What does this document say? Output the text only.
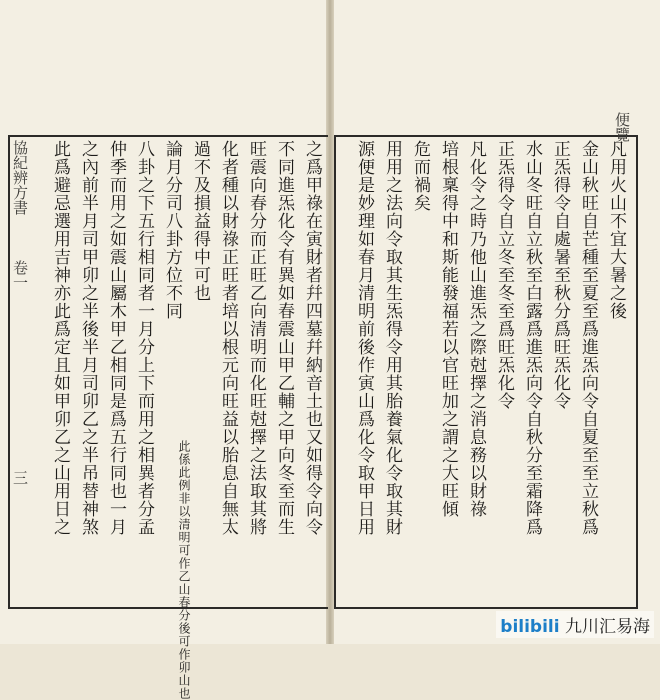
便覽
凡用火山不宜大暑之後
金山秋旺自芒種至夏至爲進炁向令自夏至至立秋爲
正炁得令自處暑至秋分爲旺炁化令
水山冬旺自立秋至白露爲進炁向令自秋分至霜降爲
正炁得令自立冬至冬至爲旺炁化令
凡化令之時乃他山進炁之際尅擇之消息務以財祿
培根稟得中和斯能發福若以官旺加之謂之大旺傾
危而禍矣
用用之法向令取其生炁得令用其胎養氣化令取其財
源便是妙理如春月清明前後作寅山爲化令取甲日用
之爲甲祿在寅財者幷四墓幷納音土也又如得令向令
不同進炁化令有異如春震山甲乙輔之甲向冬至而生
旺震向春分而正旺乙向清明而化旺尅擇之法取其將
化者種以財祿正旺者培以根元向旺益以胎息自無太
過不及損益得中可也
論月分司八卦方位不同
八卦之下五行相同者一月分上下而用之相異者分孟
仲季而用之如震山屬木甲乙相同是爲五行同也一月
之內前半月司甲卯之半後半月司卯乙之半吊替神煞
此爲避忌選用吉神亦此爲定且如甲卯乙之山用日之
此係此例非以清明可作乙山春分後可作卯山也
協紀辨方書
卷一
三
bilibili 九川汇易海
